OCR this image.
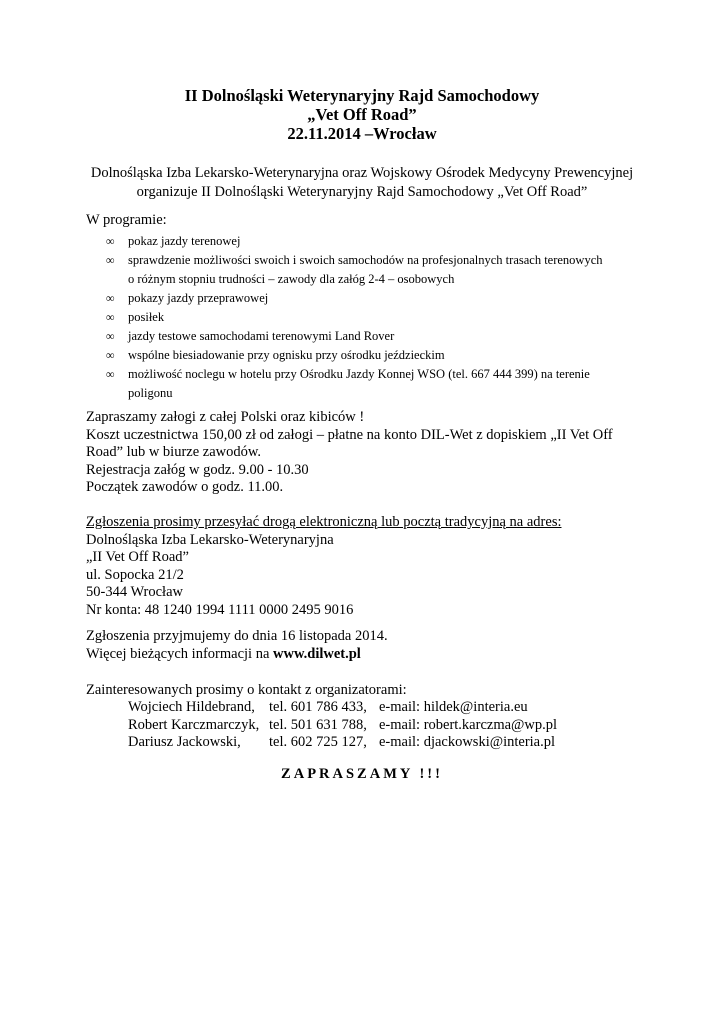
II Dolnośląski Weterynaryjny Rajd Samochodowy
„Vet Off Road”
22.11.2014 –Wrocław
Dolnośląska Izba Lekarsko-Weterynaryjna oraz Wojskowy Ośrodek Medycyny Prewencyjnej
organizuje II Dolnośląski Weterynaryjny Rajd Samochodowy „Vet Off Road”
W programie:
∞ pokaz jazdy terenowej
∞ sprawdzenie możliwości swoich i swoich samochodów na profesjonalnych trasach terenowych
o różnym stopniu trudności – zawody dla załóg 2-4 – osobowych
∞ pokazy jazdy przeprawowej
∞ posiłek
∞ jazdy testowe samochodami terenowymi Land Rover
∞ wspólne biesiadowanie przy ognisku przy ośrodku jeździeckim
∞ możliwość noclegu w hotelu przy Ośrodku Jazdy Konnej WSO (tel. 667 444 399) na terenie
poligonu
Zapraszamy załogi z całej Polski oraz kibiców !
Koszt uczestnictwa 150,00 zł od załogi – płatne na konto DIL-Wet z dopiskiem „II Vet Off
Road” lub w biurze zawodów.
Rejestracja załóg w godz. 9.00 - 10.30
Początek zawodów o godz. 11.00.
Zgłoszenia prosimy przesyłać drogą elektroniczną lub pocztą tradycyjną na adres:
Dolnośląska Izba Lekarsko-Weterynaryjna
„II Vet Off Road”
ul. Sopocka 21/2
50-344 Wrocław
Nr konta: 48 1240 1994 1111 0000 2495 9016
Zgłoszenia przyjmujemy do dnia 16 listopada 2014.
Więcej bieżących informacji na www.dilwet.pl
Zainteresowanych prosimy o kontakt z organizatorami:
Wojciech Hildebrand, tel. 601 786 433, e-mail: hildek@interia.eu
Robert Karczmarczyk, tel. 501 631 788, e-mail: robert.karczma@wp.pl
Dariusz Jackowski, tel. 602 725 127, e-mail: djackowski@interia.pl
ZAPRASZAMY !!!
